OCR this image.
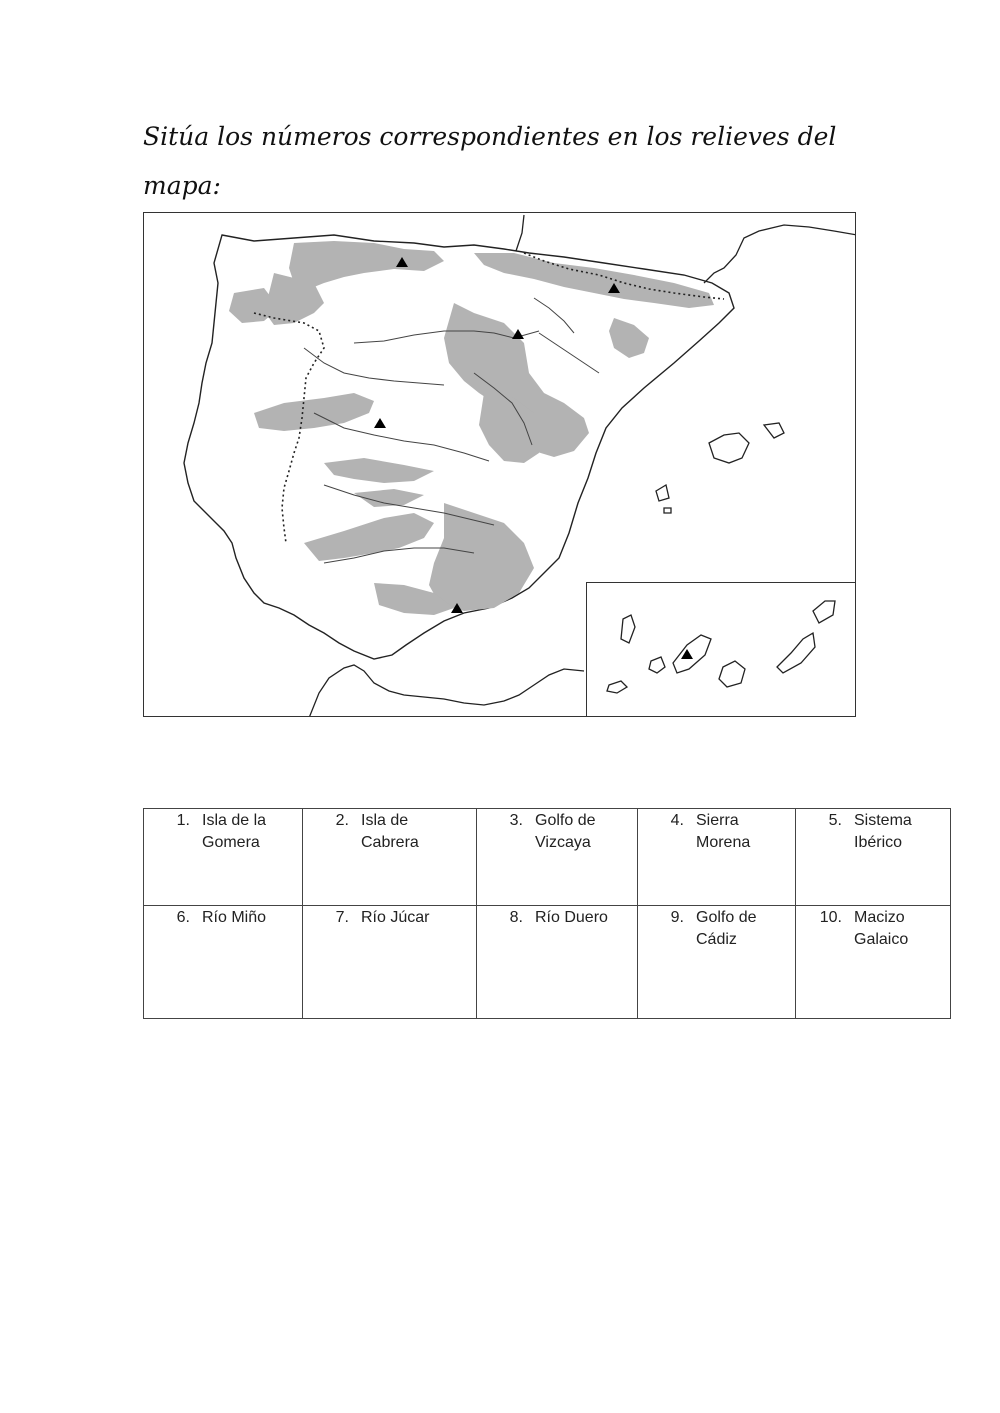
Sitúa los números correspondientes en los relieves del mapa:

1. Isla de la Gomera	2. Isla de Cabrera	3. Golfo de Vizcaya	4. Sierra Morena	5. Sistema Ibérico

6. Río Miño	7. Río Júcar	8. Río Duero	9. Golfo de Cádiz	10. Macizo Galaico
